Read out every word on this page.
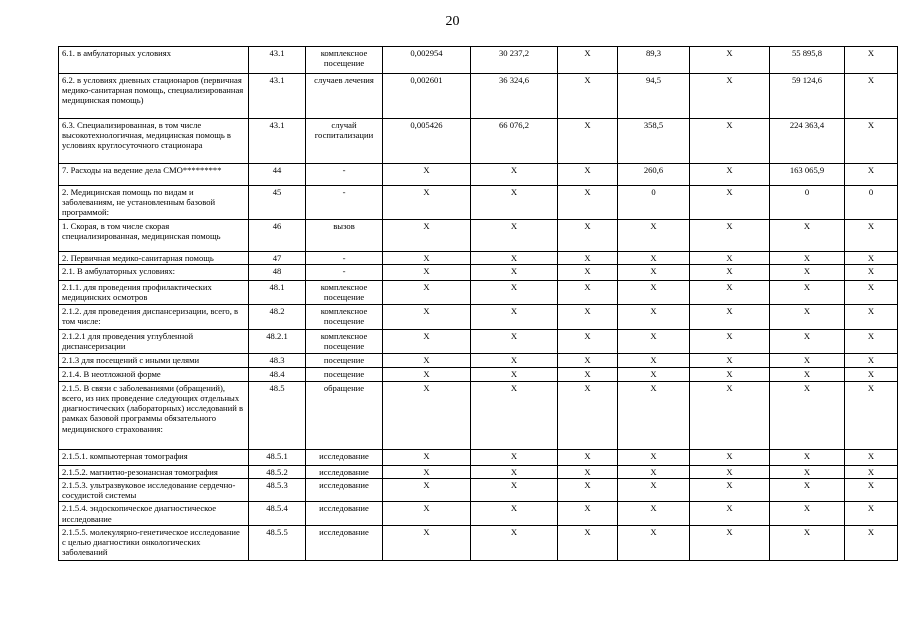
20
6.1. в амбулаторных условиях	43.1	комплексное посещение	0,002954	30 237,2	X	89,3	X	55 895,8	X
6.2. в условиях дневных стационаров (первичная медико-санитарная помощь, специализированная медицинская помощь)	43.1	случаев лечения	0,002601	36 324,6	X	94,5	X	59 124,6	X
6.3. Специализированная, в том числе высокотехнологичная, медицинская помощь в условиях круглосуточного стационара	43.1	случай госпитализации	0,005426	66 076,2	X	358,5	X	224 363,4	X
7. Расходы на ведение дела СМО*********	44	-	X	X	X	260,6	X	163 065,9	X
2. Медицинская помощь по видам и заболеваниям, не установленным базовой программой:	45	-	X	X	X	0	X	0	0
1. Скорая, в том числе скорая специализированная, медицинская помощь	46	вызов	X	X	X	X	X	X	X
2. Первичная медико-санитарная помощь	47	-	X	X	X	X	X	X	X
2.1. В амбулаторных условиях:	48	-	X	X	X	X	X	X	X
2.1.1. для проведения профилактических медицинских осмотров	48.1	комплексное посещение	X	X	X	X	X	X	X
2.1.2. для проведения диспансеризации, всего, в том числе:	48.2	комплексное посещение	X	X	X	X	X	X	X
2.1.2.1 для проведения углубленной диспансеризации	48.2.1	комплексное посещение	X	X	X	X	X	X	X
2.1.3 для посещений с иными целями	48.3	посещение	X	X	X	X	X	X	X
2.1.4. В неотложной форме	48.4	посещение	X	X	X	X	X	X	X
2.1.5. В связи с заболеваниями (обращений), всего, из них проведение следующих отдельных диагностических (лабораторных) исследований в рамках базовой программы обязательного медицинского страхования:	48.5	обращение	X	X	X	X	X	X	X
2.1.5.1. компьютерная томография	48.5.1	исследование	X	X	X	X	X	X	X
2.1.5.2. магнитно-резонансная томография	48.5.2	исследование	X	X	X	X	X	X	X
2.1.5.3. ультразвуковое исследование сердечно-сосудистой системы	48.5.3	исследование	X	X	X	X	X	X	X
2.1.5.4. эндоскопическое диагностическое исследование	48.5.4	исследование	X	X	X	X	X	X	X
2.1.5.5. молекулярно-генетическое исследование с целью диагностики онкологических заболеваний	48.5.5	исследование	X	X	X	X	X	X	X
